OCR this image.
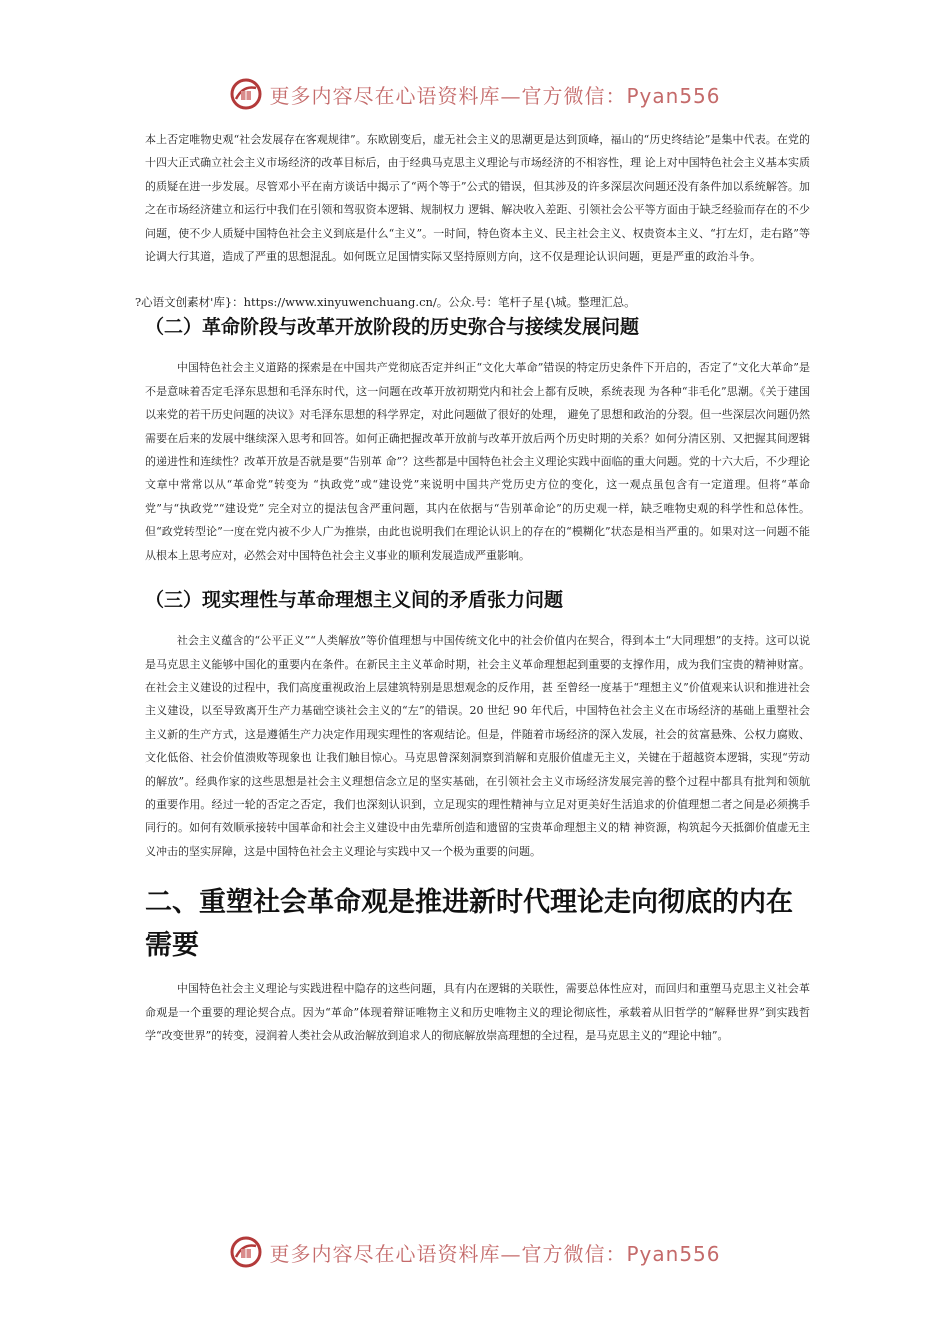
更多内容尽在心语资料库—官方微信：Pyan556
?心语文创素材'库}：https://www.xinyuwenchuang.cn/。公众.号：笔杆子星{\城。整理汇总。

本上否定唯物史观“社会发展存在客观规律”。东欧剧变后，虚无社会主义的思潮更是达到顶峰，福山的“历史终结论”是集中代表。在党的十四大正式确立社会主义市场经济的改革目标后，由于经典马克思主义理论与市场经济的不相容性，理 论上对中国特色社会主义基本实质的质疑在进一步发展。尽管邓小平在南方谈话中揭示了“两个等于”公式的错误，但其涉及的许多深层次问题还没有条件加以系统解答。加之在市场经济建立和运行中我们在引领和驾驭资本逻辑、规制权力 逻辑、解决收入差距、引领社会公平等方面由于缺乏经验而存在的不少问题，使不少人质疑中国特色社会主义到底是什么“主义”。一时间，特色资本主义、民主社会主义、权贵资本主义、“打左灯，走右路”等论调大行其道，造成了严重的思想混乱。如何既立足国情实际又坚持原则方向，这不仅是理论认识问题，更是严重的政治斗争。

（二）革命阶段与改革开放阶段的历史弥合与接续发展问题

中国特色社会主义道路的探索是在中国共产党彻底否定并纠正“文化大革命”错误的特定历史条件下开启的，否定了“文化大革命”是不是意味着否定毛泽东思想和毛泽东时代，这一问题在改革开放初期党内和社会上都有反映，系统表现 为各种“非毛化”思潮。《关于建国以来党的若干历史问题的决议》对毛泽东思想的科学界定，对此问题做了很好的处理， 避免了思想和政治的分裂。但一些深层次问题仍然需要在后来的发展中继续深入思考和回答。如何正确把握改革开放前与改革开放后两个历史时期的关系？如何分清区别、又把握其间逻辑的递进性和连续性？改革开放是否就是要“告别革 命”？这些都是中国特色社会主义理论实践中面临的重大问题。党的十六大后，不少理论文章中常常以从“革命党”转变为 “执政党”或“建设党”来说明中国共产党历史方位的变化，这一观点虽包含有一定道理。但将“革命党”与“执政党”“建设党” 完全对立的提法包含严重问题，其内在依据与“告别革命论”的历史观一样，缺乏唯物史观的科学性和总体性。但“政党转型论”一度在党内被不少人广为推崇，由此也说明我们在理论认识上的存在的“模糊化”状态是相当严重的。如果对这一问题不能从根本上思考应对，必然会对中国特色社会主义事业的顺利发展造成严重影响。

（三）现实理性与革命理想主义间的矛盾张力问题

社会主义蕴含的“公平正义”“人类解放”等价值理想与中国传统文化中的社会价值内在契合，得到本土“大同理想”的支持。这可以说是马克思主义能够中国化的重要内在条件。在新民主主义革命时期，社会主义革命理想起到重要的支撑作用，成为我们宝贵的精神财富。在社会主义建设的过程中，我们高度重视政治上层建筑特别是思想观念的反作用，甚 至曾经一度基于“理想主义”价值观来认识和推进社会主义建设，以至导致离开生产力基础空谈社会主义的“左”的错误。20 世纪 90 年代后，中国特色社会主义在市场经济的基础上重塑社会主义新的生产方式，这是遵循生产力决定作用现实理性的客观结论。但是，伴随着市场经济的深入发展，社会的贫富悬殊、公权力腐败、文化低俗、社会价值溃败等现象也 让我们触目惊心。马克思曾深刻洞察到消解和克服价值虚无主义，关键在于超越资本逻辑，实现“劳动的解放”。经典作家的这些思想是社会主义理想信念立足的坚实基础，在引领社会主义市场经济发展完善的整个过程中都具有批判和领航的重要作用。经过一轮的否定之否定，我们也深刻认识到，立足现实的理性精神与立足对更美好生活追求的价值理想二者之间是必须携手同行的。如何有效顺承接转中国革命和社会主义建设中由先辈所创造和遗留的宝贵革命理想主义的精 神资源，构筑起今天抵御价值虚无主义冲击的坚实屏障，这是中国特色社会主义理论与实践中又一个极为重要的问题。

二、重塑社会革命观是推进新时代理论走向彻底的内在需要

中国特色社会主义理论与实践进程中隐存的这些问题，具有内在逻辑的关联性，需要总体性应对，而回归和重塑马克思主义社会革命观是一个重要的理论契合点。因为“革命”体现着辩证唯物主义和历史唯物主义的理论彻底性，承载着从旧哲学的“解释世界”到实践哲学“改变世界”的转变，浸润着人类社会从政治解放到追求人的彻底解放崇高理想的全过程，是马克思主义的“理论中轴”。

更多内容尽在心语资料库—官方微信：Pyan556
